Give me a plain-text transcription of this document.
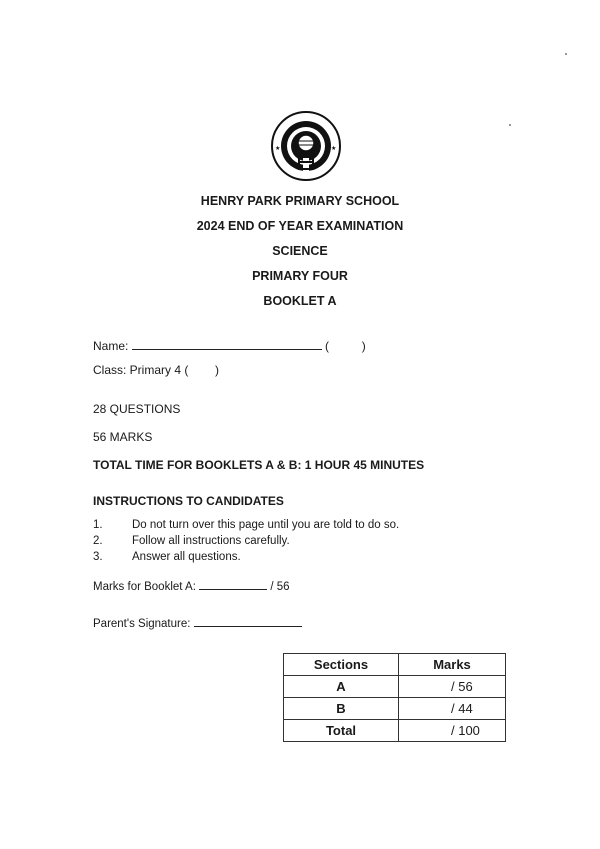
★	★
HENRY PARK PRIMARY SCHOOL
2024 END OF YEAR EXAMINATION
SCIENCE
PRIMARY FOUR
BOOKLET A
Name:	(	)
Class: Primary 4 ( )
28 QUESTIONS
56 MARKS
TOTAL TIME FOR BOOKLETS A & B: 1 HOUR 45 MINUTES
INSTRUCTIONS TO CANDIDATES
1.	Do not turn over this page until you are told to do so.
2.	Follow all instructions carefully.
3.	Answer all questions.
Marks for Booklet A:	/ 56
Parent's Signature:
Sections	Marks
A	/ 56
B	/ 44
Total	/ 100
